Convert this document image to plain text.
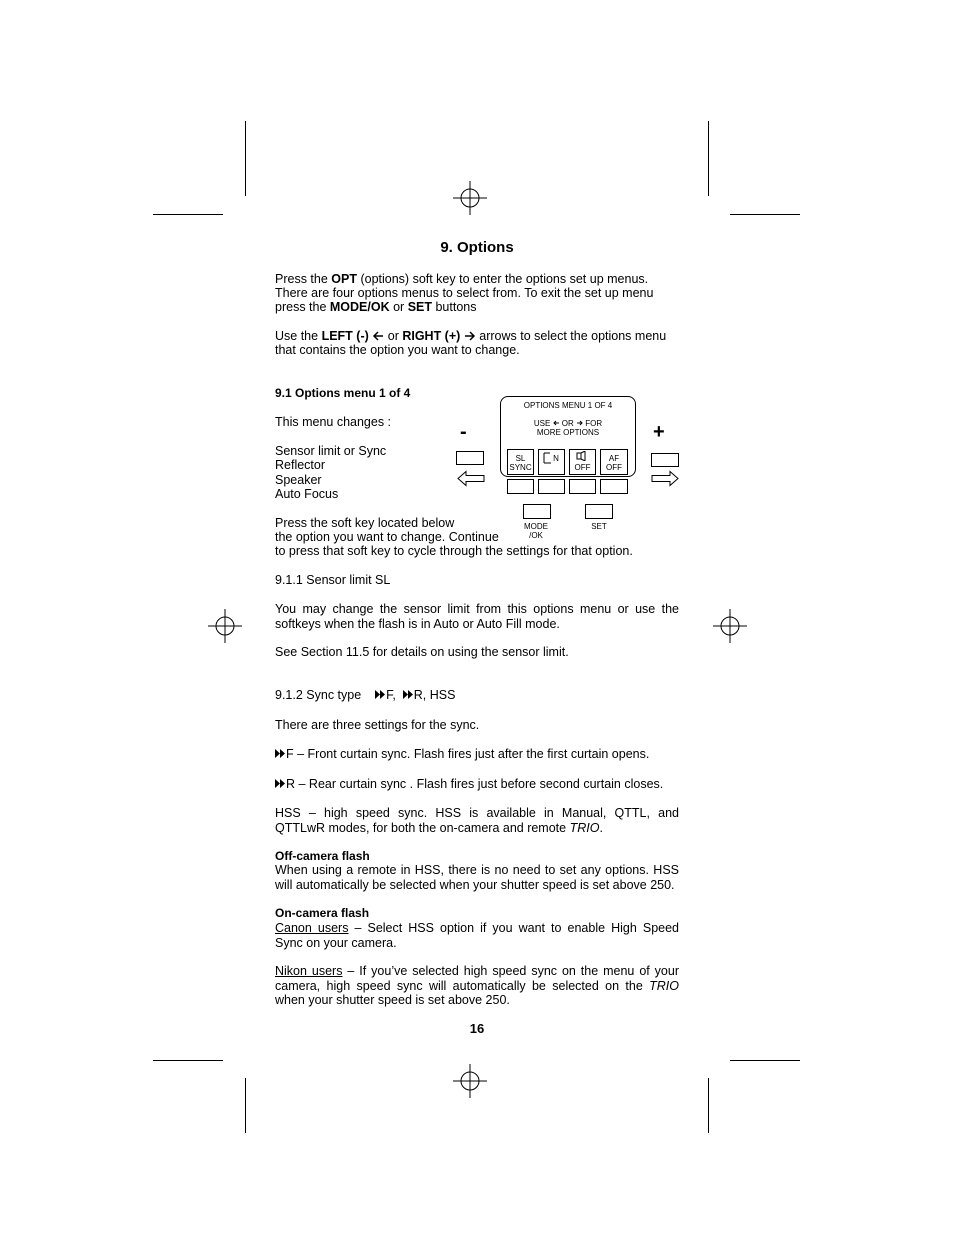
9. Options
Press the OPT (options) soft key to enter the options set up menus.
There are four options menus to select from. To exit the set up menu
press the MODE/OK or SET buttons
Use the LEFT (-)  or RIGHT (+)  arrows to select the options menu
that contains the option you want to change.
9.1 Options menu 1 of 4
This menu changes :
Sensor limit or Sync
Reflector
Speaker
Auto Focus
Press the soft key located below
the option you want to change. Continue
to press that soft key to cycle through the settings for that option.
OPTIONS MENU 1 OF 4
USE OR FOR
MORE OPTIONS
SL SYNC
N
OFF
AF
OFF
-	+
MODE
/OK
SET
9.1.1 Sensor limit SL
You may change the sensor limit from this options menu or use the softkeys when the flash is in Auto or Auto Fill mode.
See Section 11.5 for details on using the sensor limit.
9.1.2 Sync type F, R, HSS
There are three settings for the sync.
F – Front curtain sync. Flash fires just after the first curtain opens.
R – Rear curtain sync . Flash fires just before second curtain closes.
HSS – high speed sync. HSS is available in Manual, QTTL, and QTTLwR modes, for both the on-camera and remote TRIO.
Off-camera flash
When using a remote in HSS, there is no need to set any options. HSS will automatically be selected when your shutter speed is set above 250.
On-camera flash
Canon users – Select HSS option if you want to enable High Speed Sync on your camera.
Nikon users – If you’ve selected high speed sync on the menu of your camera, high speed sync will automatically be selected on the TRIO when your shutter speed is set above 250.
16
